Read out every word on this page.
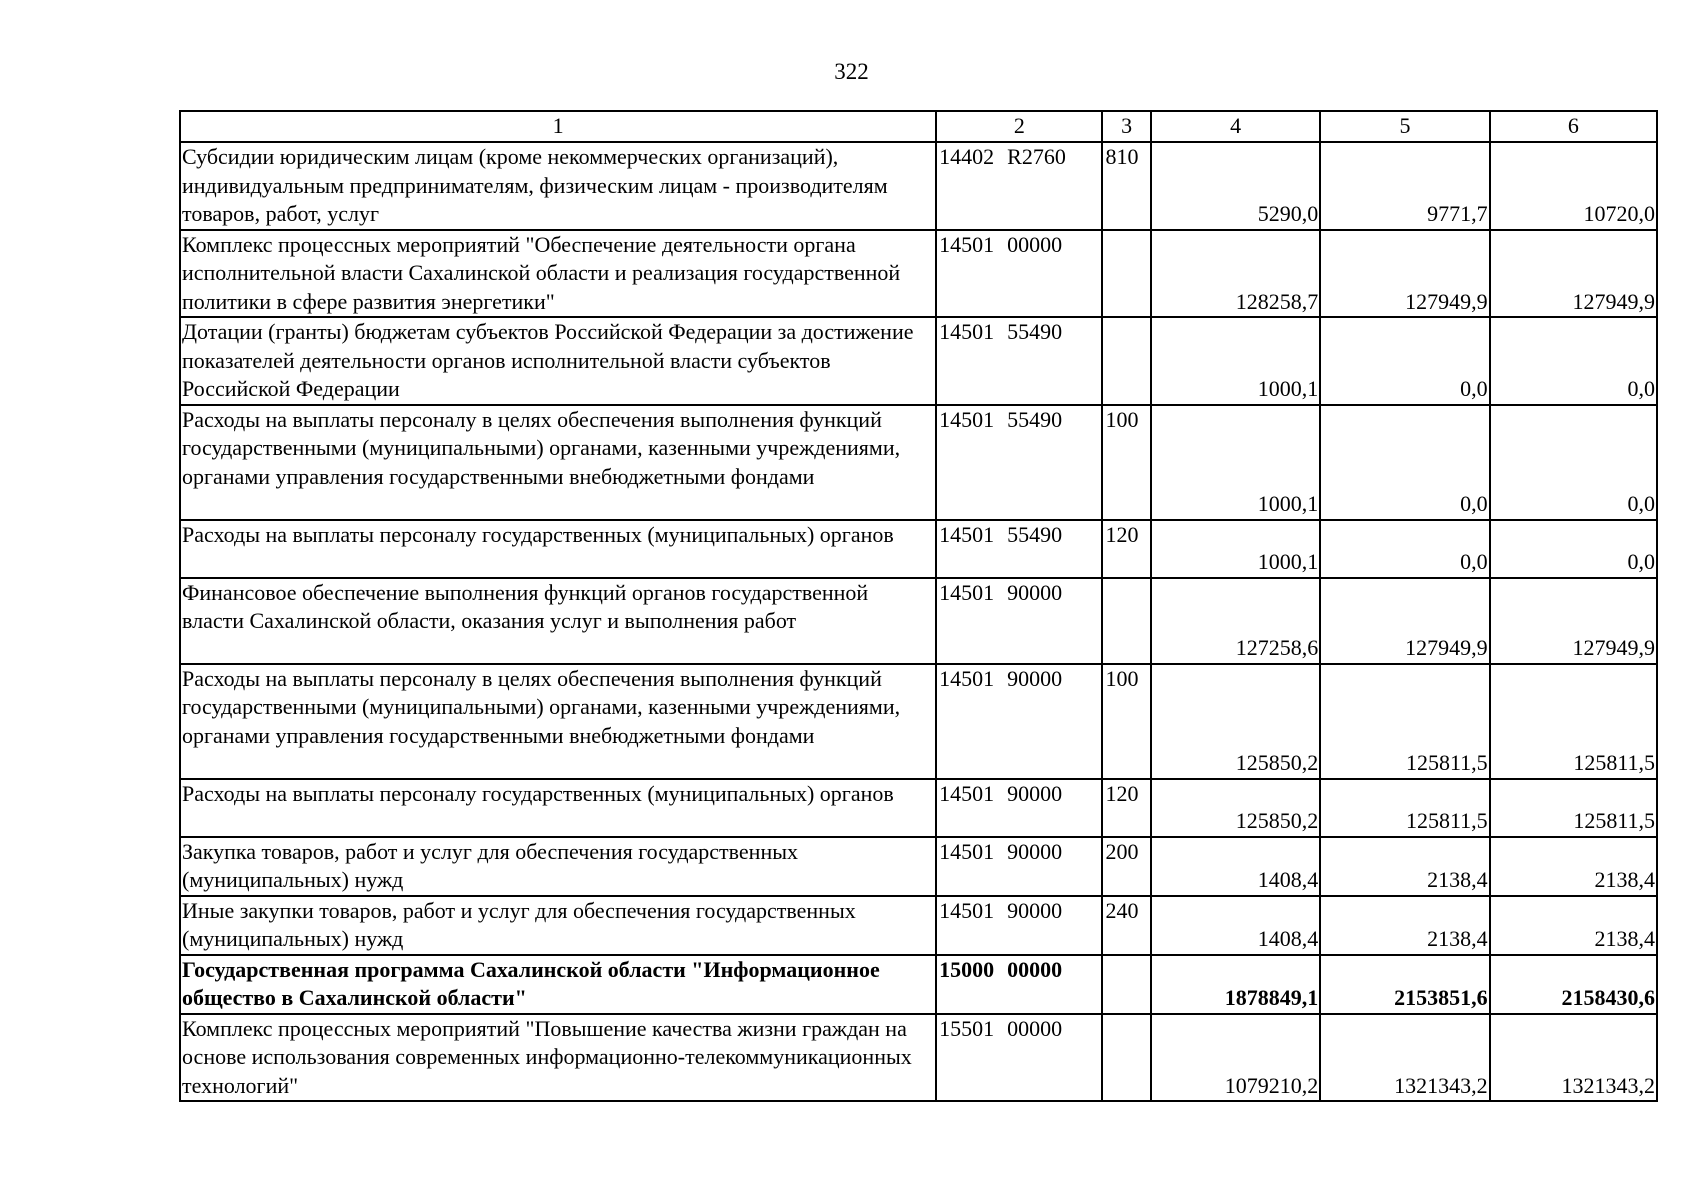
322
1	2	3	4	5	6
Субсидии юридическим лицам (кроме некоммерческих организаций), индивидуальным предпринимателям, физическим лицам - производителям товаров, работ, услуг	14402 R2760	810	5290,0	9771,7	10720,0
Комплекс процессных мероприятий "Обеспечение деятельности органа исполнительной власти Сахалинской области и реализация государственной политики в сфере развития энергетики"	14501 00000		128258,7	127949,9	127949,9
Дотации (гранты) бюджетам субъектов Российской Федерации за достижение показателей деятельности органов исполнительной власти субъектов Российской Федерации	14501 55490		1000,1	0,0	0,0
Расходы на выплаты персоналу в целях обеспечения выполнения функций государственными (муниципальными) органами, казенными учреждениями, органами управления государственными внебюджетными фондами	14501 55490	100	1000,1	0,0	0,0
Расходы на выплаты персоналу государственных (муниципальных) органов	14501 55490	120	1000,1	0,0	0,0
Финансовое обеспечение выполнения функций органов государственной власти Сахалинской области, оказания услуг и выполнения работ	14501 90000		127258,6	127949,9	127949,9
Расходы на выплаты персоналу в целях обеспечения выполнения функций государственными (муниципальными) органами, казенными учреждениями, органами управления государственными внебюджетными фондами	14501 90000	100	125850,2	125811,5	125811,5
Расходы на выплаты персоналу государственных (муниципальных) органов	14501 90000	120	125850,2	125811,5	125811,5
Закупка товаров, работ и услуг для обеспечения государственных (муниципальных) нужд	14501 90000	200	1408,4	2138,4	2138,4
Иные закупки товаров, работ и услуг для обеспечения государственных (муниципальных) нужд	14501 90000	240	1408,4	2138,4	2138,4
Государственная программа Сахалинской области "Информационное общество в Сахалинской области"	15000 00000		1878849,1	2153851,6	2158430,6
Комплекс процессных мероприятий "Повышение качества жизни граждан на основе использования современных информационно-телекоммуникационных технологий"	15501 00000		1079210,2	1321343,2	1321343,2
